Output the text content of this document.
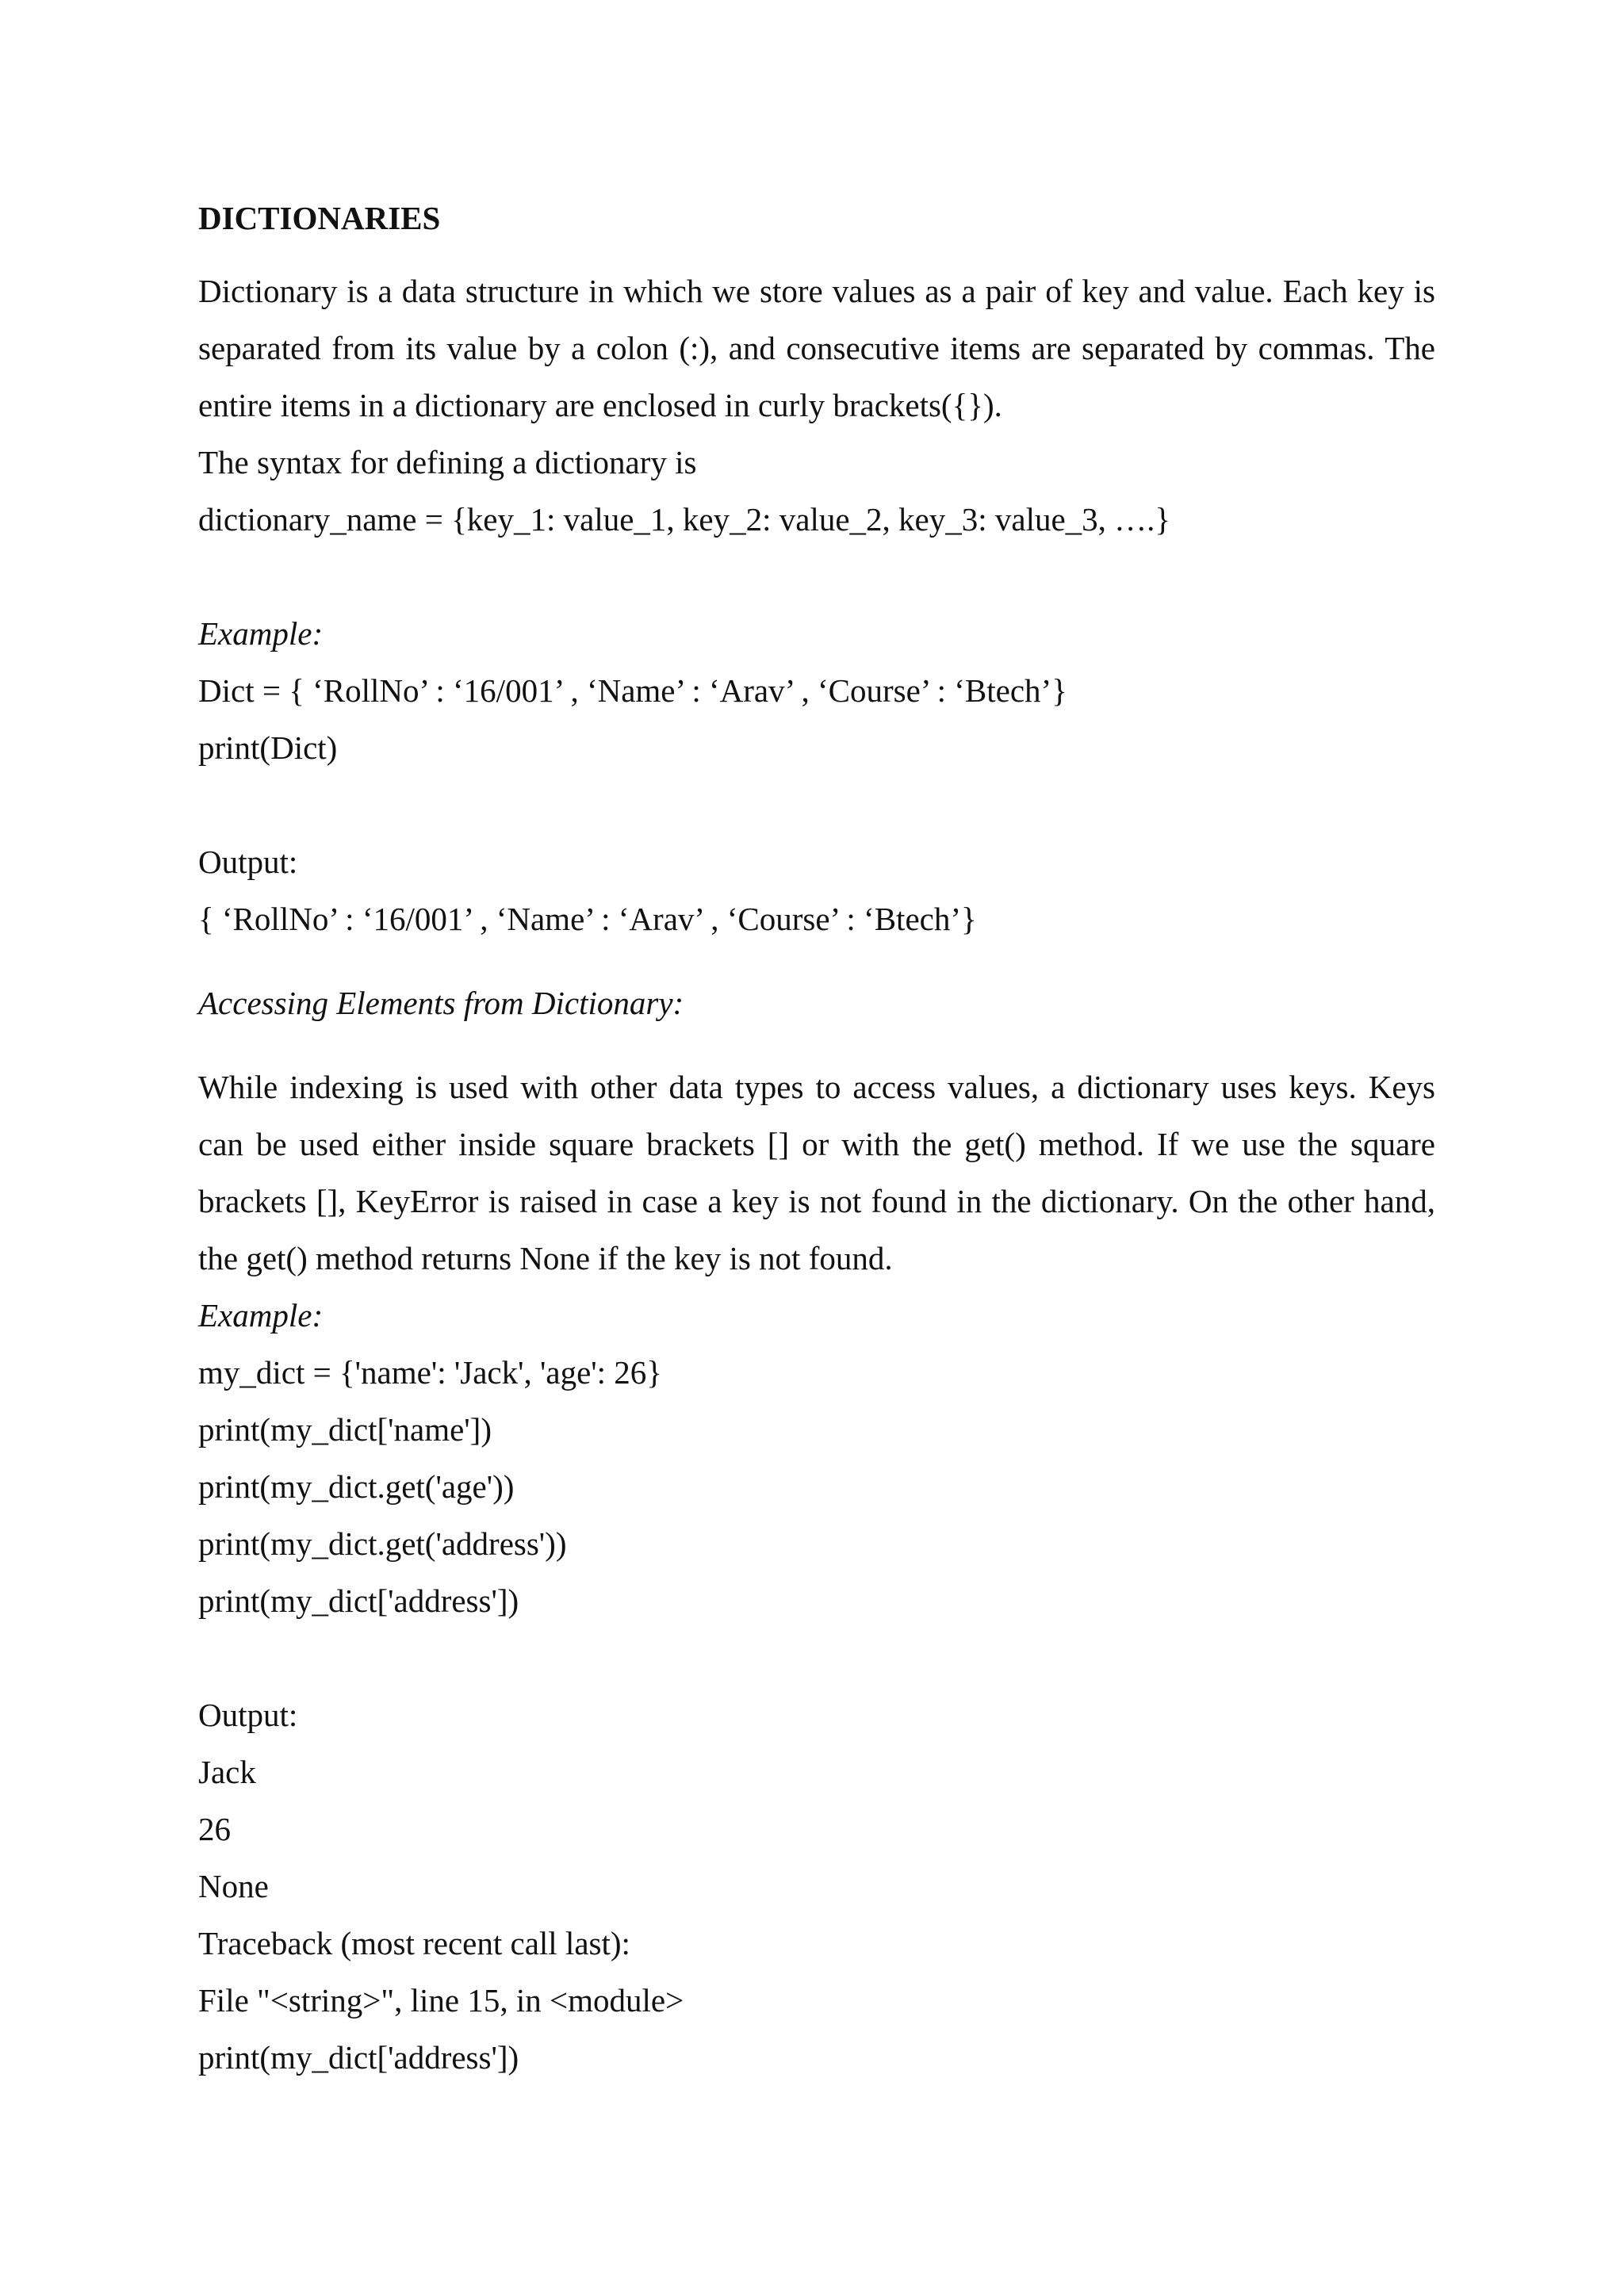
DICTIONARIES

Dictionary is a data structure in which we store values as a pair of key and value. Each key is
separated from its value by a colon (:), and consecutive items are separated by commas. The
entire items in a dictionary are enclosed in curly brackets({}).

The syntax for defining a dictionary is

dictionary_name = {key_1: value_1, key_2: value_2, key_3: value_3, ….}

Example:

Dict = { ‘RollNo’ : ‘16/001’ , ‘Name’ : ‘Arav’ , ‘Course’ : ‘Btech’}

print(Dict)

Output:

{ ‘RollNo’ : ‘16/001’ , ‘Name’ : ‘Arav’ , ‘Course’ : ‘Btech’}

Accessing Elements from Dictionary:

While indexing is used with other data types to access values, a dictionary uses keys. Keys
can be used either inside square brackets [] or with the get() method. If we use the square
brackets [], KeyError is raised in case a key is not found in the dictionary. On the other hand,
the get() method returns None if the key is not found.

Example:

my_dict = {'name': 'Jack', 'age': 26}

print(my_dict['name'])

print(my_dict.get('age'))

print(my_dict.get('address'))

print(my_dict['address'])

Output:

Jack

26

None

Traceback (most recent call last):

File "<string>", line 15, in <module>

print(my_dict['address'])
